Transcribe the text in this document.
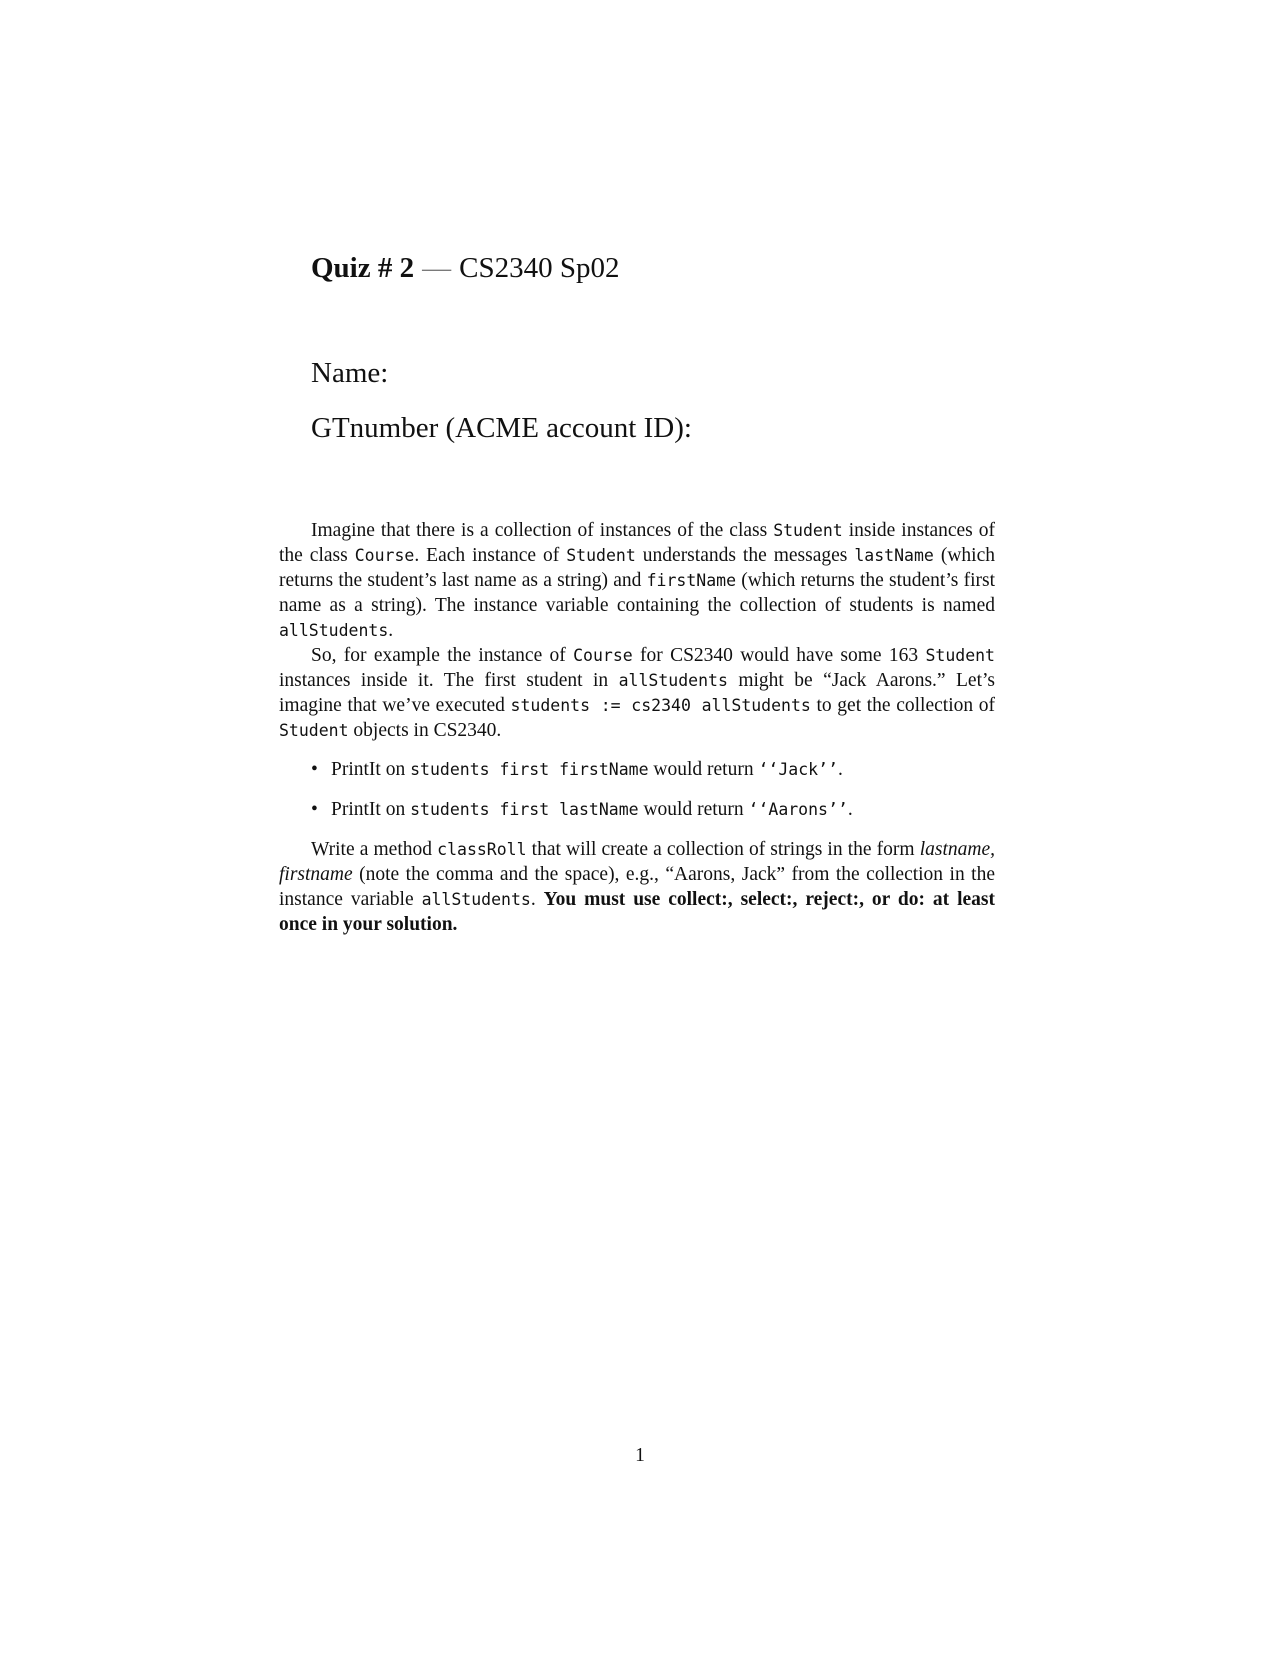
Quiz # 2 — CS2340 Sp02
Name:
GTnumber (ACME account ID):

Imagine that there is a collection of instances of the class Student inside instances of the class Course. Each instance of Student understands the messages lastName (which returns the student’s last name as a string) and firstName (which returns the student’s first name as a string). The instance variable containing the collection of students is named allStudents.

So, for example the instance of Course for CS2340 would have some 163 Student instances inside it. The first student in allStudents might be “Jack Aarons.” Let’s imagine that we’ve executed students := cs2340 allStudents to get the collection of Student objects in CS2340.

• PrintIt on students first firstName would return ‘‘Jack’’.
• PrintIt on students first lastName would return ‘‘Aarons’’.

Write a method classRoll that will create a collection of strings in the form lastname, firstname (note the comma and the space), e.g., “Aarons, Jack” from the collection in the instance variable allStudents. You must use collect:, select:, reject:, or do: at least once in your solution.

1
